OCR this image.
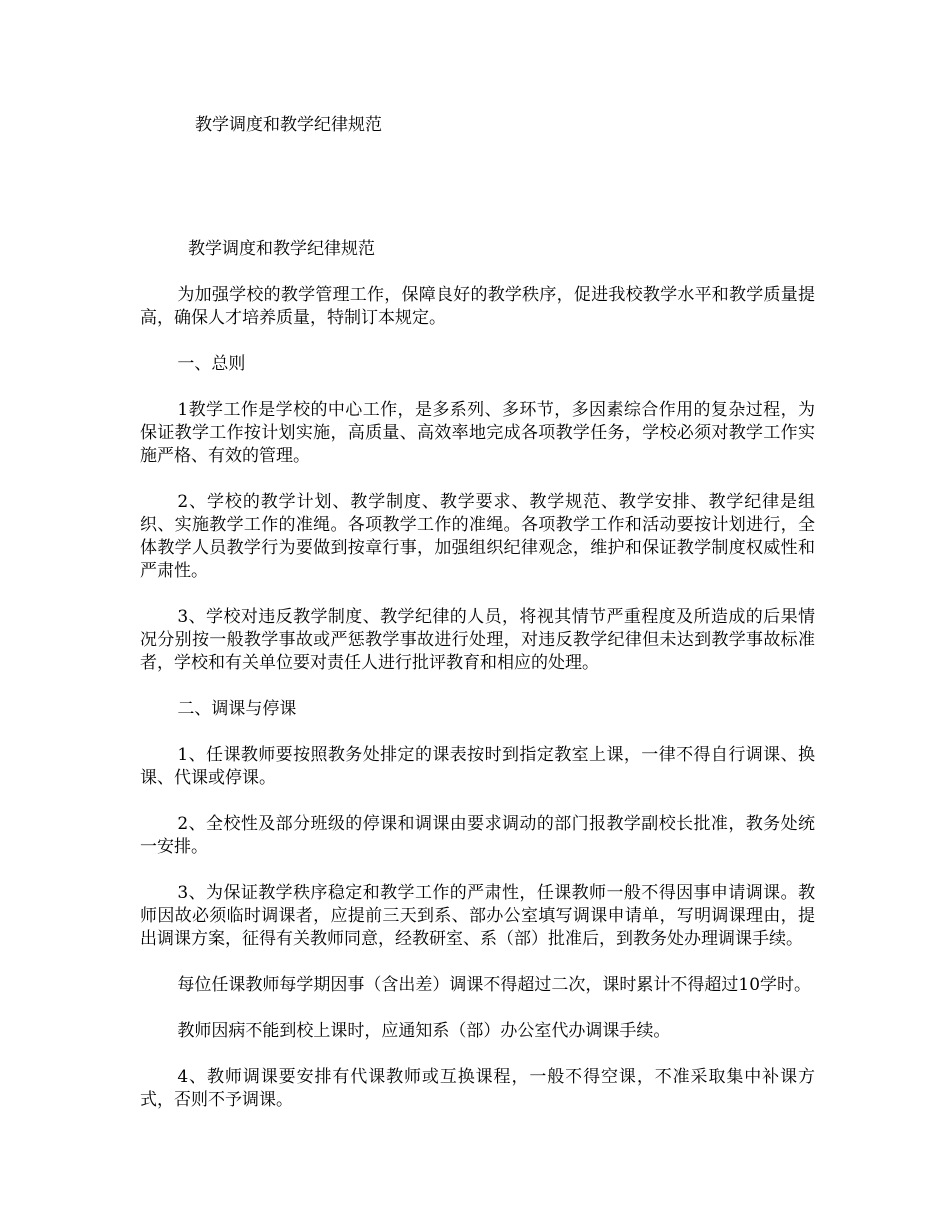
教学调度和教学纪律规范
教学调度和教学纪律规范

为加强学校的教学管理工作，保障良好的教学秩序，促进我校教学水平和教学质量提高，确保人才培养质量，特制订本规定。

一、总则

1教学工作是学校的中心工作，是多系列、多环节，多因素综合作用的复杂过程，为保证教学工作按计划实施，高质量、高效率地完成各项教学任务，学校必须对教学工作实施严格、有效的管理。

2、学校的教学计划、教学制度、教学要求、教学规范、教学安排、教学纪律是组织、实施教学工作的准绳。各项教学工作的准绳。各项教学工作和活动要按计划进行，全体教学人员教学行为要做到按章行事，加强组织纪律观念，维护和保证教学制度权威性和严肃性。

3、学校对违反教学制度、教学纪律的人员，将视其情节严重程度及所造成的后果情况分别按一般教学事故或严惩教学事故进行处理，对违反教学纪律但未达到教学事故标准者，学校和有关单位要对责任人进行批评教育和相应的处理。

二、调课与停课

1、任课教师要按照教务处排定的课表按时到指定教室上课，一律不得自行调课、换课、代课或停课。

2、全校性及部分班级的停课和调课由要求调动的部门报教学副校长批准，教务处统一安排。

3、为保证教学秩序稳定和教学工作的严肃性，任课教师一般不得因事申请调课。教师因故必须临时调课者，应提前三天到系、部办公室填写调课申请单，写明调课理由，提出调课方案，征得有关教师同意，经教研室、系（部）批准后，到教务处办理调课手续。

每位任课教师每学期因事（含出差）调课不得超过二次，课时累计不得超过10学时。

教师因病不能到校上课时，应通知系（部）办公室代办调课手续。

4、教师调课要安排有代课教师或互换课程，一般不得空课，不准采取集中补课方式，否则不予调课。
